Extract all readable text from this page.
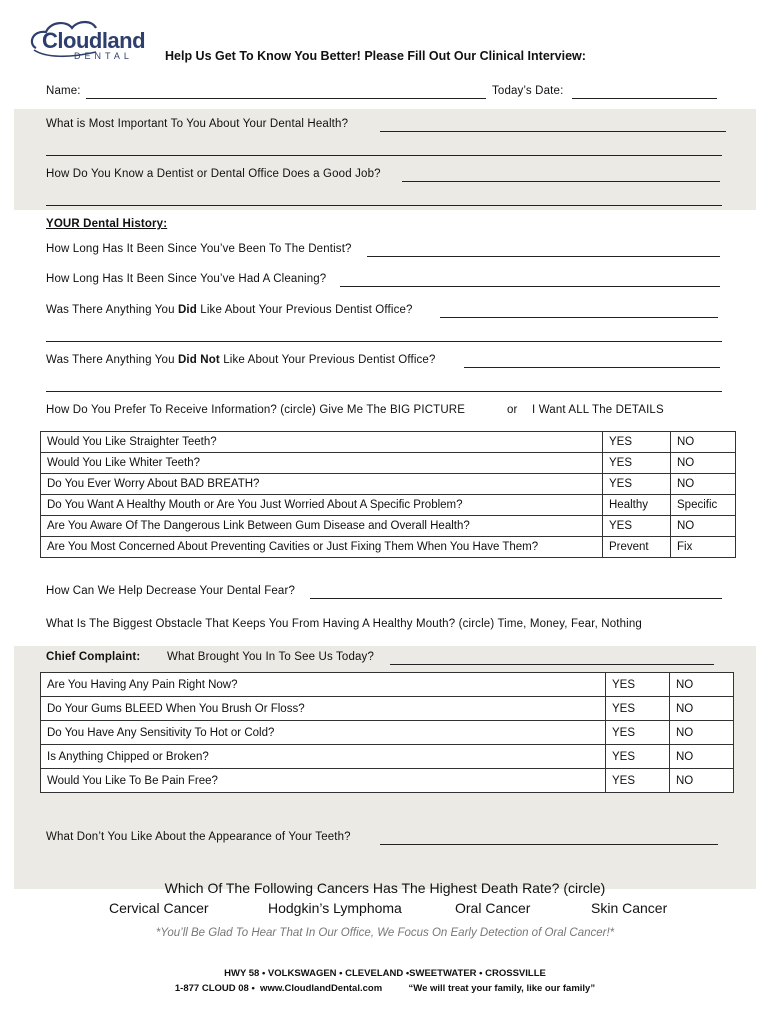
Cloudland
DENTAL	Help Us Get To Know You Better! Please Fill Out Our Clinical Interview:
Name:	Today’s Date:
What is Most Important To You About Your Dental Health?
How Do You Know a Dentist or Dental Office Does a Good Job?
YOUR Dental History:
How Long Has It Been Since You’ve Been To The Dentist?
How Long Has It Been Since You’ve Had A Cleaning?
Was There Anything You Did Like About Your Previous Dentist Office?
Was There Anything You Did Not Like About Your Previous Dentist Office?
How Do You Prefer To Receive Information? (circle) Give Me The BIG PICTURE	or I Want ALL The DETAILS
Would You Like Straighter Teeth?	YES	NO
Would You Like Whiter Teeth?	YES	NO
Do You Ever Worry About BAD BREATH?	YES	NO
Do You Want A Healthy Mouth or Are You Just Worried About A Specific Problem?	Healthy	Specific
Are You Aware Of The Dangerous Link Between Gum Disease and Overall Health?	YES	NO
Are You Most Concerned About Preventing Cavities or Just Fixing Them When You Have Them?	Prevent	Fix
How Can We Help Decrease Your Dental Fear?
What Is The Biggest Obstacle That Keeps You From Having A Healthy Mouth? (circle) Time, Money, Fear, Nothing
Chief Complaint: What Brought You In To See Us Today?
Are You Having Any Pain Right Now?	YES	NO
Do Your Gums BLEED When You Brush Or Floss?	YES	NO
Do You Have Any Sensitivity To Hot or Cold?	YES	NO
Is Anything Chipped or Broken?	YES	NO
Would You Like To Be Pain Free?	YES	NO
What Don’t You Like About the Appearance of Your Teeth?
Which Of The Following Cancers Has The Highest Death Rate? (circle)
Cervical Cancer	Hodgkin’s Lymphoma	Oral Cancer	Skin Cancer
*You’ll Be Glad To Hear That In Our Office, We Focus On Early Detection of Oral Cancer!*
HWY 58 • VOLKSWAGEN • CLEVELAND •SWEETWATER • CROSSVILLE
1-877 CLOUD 08 •  www.CloudlandDental.com          “We will treat your family, like our family”
